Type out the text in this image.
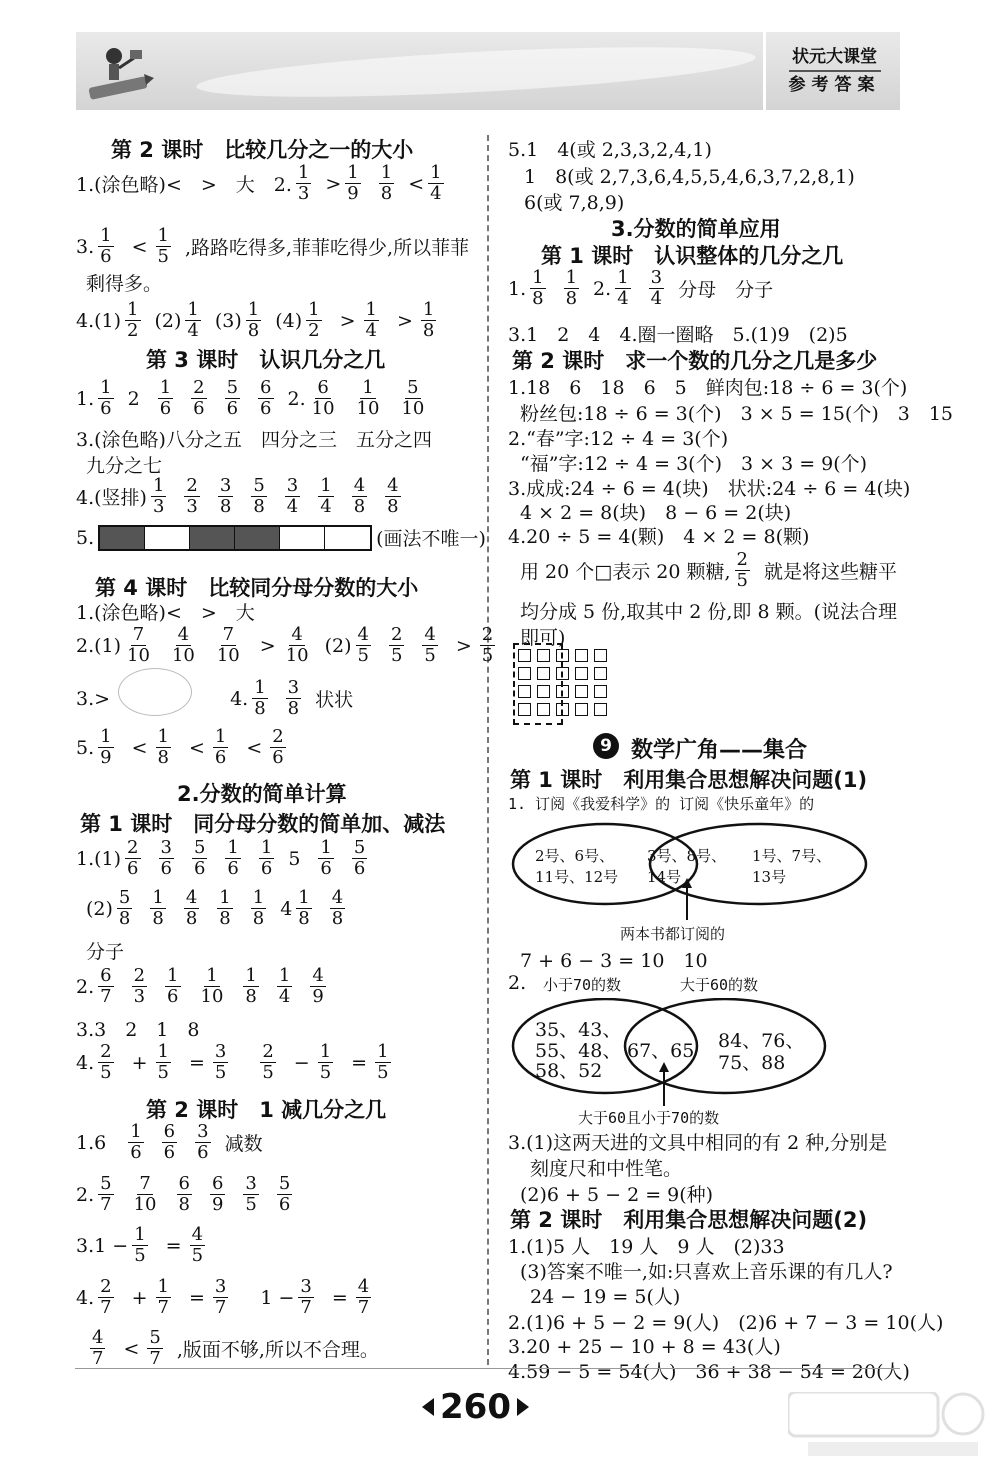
状元大课堂
参考答案
第 2 课时　比较几分之一的大小
1.(涂色略)<　>　大　2. $\frac{1}{3} > \frac{1}{9} \frac{1}{8} < \frac{1}{4}$
3. $\frac{1}{6} < \frac{1}{5}$ ,路路吃得多,菲菲吃得少,所以菲菲
剩得多。
$4.(1) \frac{1}{2} (2) \frac{1}{4} (3) \frac{1}{8} (4) \frac{1}{2} > \frac{1}{4} > \frac{1}{8}$
第 3 课时　认识几分之几
1. $\frac{1}{6} 2 \frac{1}{6} \frac{2}{6} \frac{5}{6} \frac{6}{6} 2$. $\frac{6}{10} \frac{1}{10} \frac{5}{10}$
3.(涂色略)八分之五　四分之三　五分之四
九分之七
4.(竖排) $\frac{1}{3} \frac{2}{3} \frac{3}{8} \frac{5}{8} \frac{3}{4} \frac{1}{4} \frac{4}{8} \frac{4}{8}$
5.	(画法不唯一)
第 4 课时　比较同分母分数的大小
1.(涂色略)<　>　大
$2.(1) \frac{7}{10} \frac{4}{10} \frac{7}{10} > \frac{4}{10} (2) \frac{4}{5} \frac{2}{5} \frac{4}{5} > \frac{2}{5}$
3.>	4. $\frac{1}{8} \frac{3}{8}$ 状状
5. $\frac{1}{9} < \frac{1}{8} < \frac{1}{6} < \frac{2}{6}$
2.分数的简单计算
第 1 课时　同分母分数的简单加、减法
$1.(1) \frac{2}{6} \frac{3}{6} \frac{5}{6} \frac{1}{6} \frac{1}{6} 5 \frac{1}{6} \frac{5}{6}$
$(2) \frac{5}{8} \frac{1}{8} \frac{4}{8} \frac{1}{8} \frac{1}{8} 4 \frac{1}{8} \frac{4}{8}$
分子
2. $\frac{6}{7} \frac{2}{3} \frac{1}{6} \frac{1}{10} \frac{1}{8} \frac{1}{4} \frac{4}{9}$
3.3　2　1　8
4. $\frac{2}{5} + \frac{1}{5} = \frac{3}{5} \frac{2}{5} - \frac{1}{5} = \frac{1}{5}$
第 2 课时　1 减几分之几
$1.6 \frac{1}{6} \frac{6}{6} \frac{3}{6}$ 减数
2. $\frac{5}{7} \frac{7}{10} \frac{6}{8} \frac{6}{9} \frac{3}{5} \frac{5}{6}$
$3.1 - \frac{1}{5} = \frac{4}{5}$
4. $\frac{2}{7} + \frac{1}{7} = \frac{3}{7} 1 - \frac{3}{7} = \frac{4}{7}$
$\frac{4}{7} < \frac{5}{7}$ ,版面不够,所以不合理。
5.1　4(或 2,3,3,2,4,1)
1　8(或 2,7,3,6,4,5,5,4,6,3,7,2,8,1)
6(或 7,8,9)
3.分数的简单应用
第 1 课时　认识整体的几分之几
1. $\frac{1}{8} \frac{1}{8} 2$. $\frac{1}{4} \frac{3}{4}$ 分母　分子
3.1　2　4　4.圈一圈略　5.(1)9　(2)5
第 2 课时　求一个数的几分之几是多少
1.18　6　18　6　5　鲜肉包:18 ÷ 6 = 3(个)
粉丝包:18 ÷ 6 = 3(个)　3 × 5 = 15(个)　3　15
2.“春”字:12 ÷ 4 = 3(个)
“福”字:12 ÷ 4 = 3(个)　3 × 3 = 9(个)
3.成成:24 ÷ 6 = 4(块)　状状:24 ÷ 6 = 4(块)
4 × 2 = 8(块)　8 − 6 = 2(块)
4.20 ÷ 5 = 4(颗)　4 × 2 = 8(颗)
用 20 个□表示 20 颗糖, $\frac{2}{5}$ 就是将这些糖平
均分成 5 份,取其中 2 份,即 8 颗。(说法合理
即可)
9 数学广角——集合
第 1 课时　利用集合思想解决问题(1)
1. 订阅《我爱科学》的 订阅《快乐童年》的
2号、6号、
11号、12号
3号、8号、
14号
1号、7号、
13号
两本书都订阅的
7 + 6 − 3 = 10　10
2. 小于70的数	大于60的数
35、43、
55、48、
58、52
67、65 84、76、
75、88
大于60且小于70的数
3.(1)这两天进的文具中相同的有 2 种,分别是
刻度尺和中性笔。
(2)6 + 5 − 2 = 9(种)
第 2 课时　利用集合思想解决问题(2)
1.(1)5 人　19 人　9 人　(2)33
(3)答案不唯一,如:只喜欢上音乐课的有几人?
24 − 19 = 5(人)
2.(1)6 + 5 − 2 = 9(人)　(2)6 + 7 − 3 = 10(人)
3.20 + 25 − 10 + 8 = 43(人)
4.59 − 5 = 54(人)　36 + 38 − 54 = 20(人)
260
